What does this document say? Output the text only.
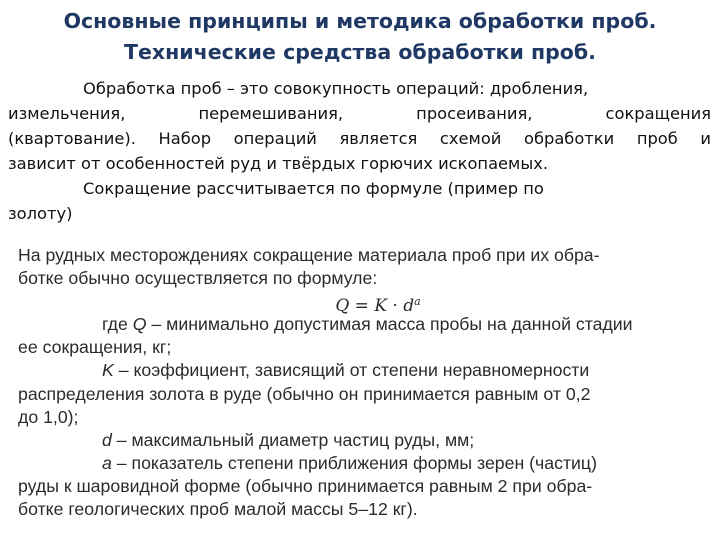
Основные принципы и методика обработки проб.
Технические средства обработки проб.

Обработка проб – это совокупность операций: дробления,

измельчения, перемешивания, просеивания, сокращения

(квартование). Набор операций является схемой обработки проб и

зависит от особенностей руд и твёрдых горючих ископаемых.

Сокращение рассчитывается по формуле (пример по

золоту)

На рудных месторождениях сокращение материала проб при их обра-
ботке обычно осуществляется по формуле:
$Q = K \cdot d^a$
где Q – минимально допустимая масса пробы на данной стадии
ее сокращения, кг;
K – коэффициент, зависящий от степени неравномерности
распределения золота в руде (обычно он принимается равным от 0,2
до 1,0);
d – максимальный диаметр частиц руды, мм;
a – показатель степени приближения формы зерен (частиц)
руды к шаровидной форме (обычно принимается равным 2 при обра-
ботке геологических проб малой массы 5–12 кг).
